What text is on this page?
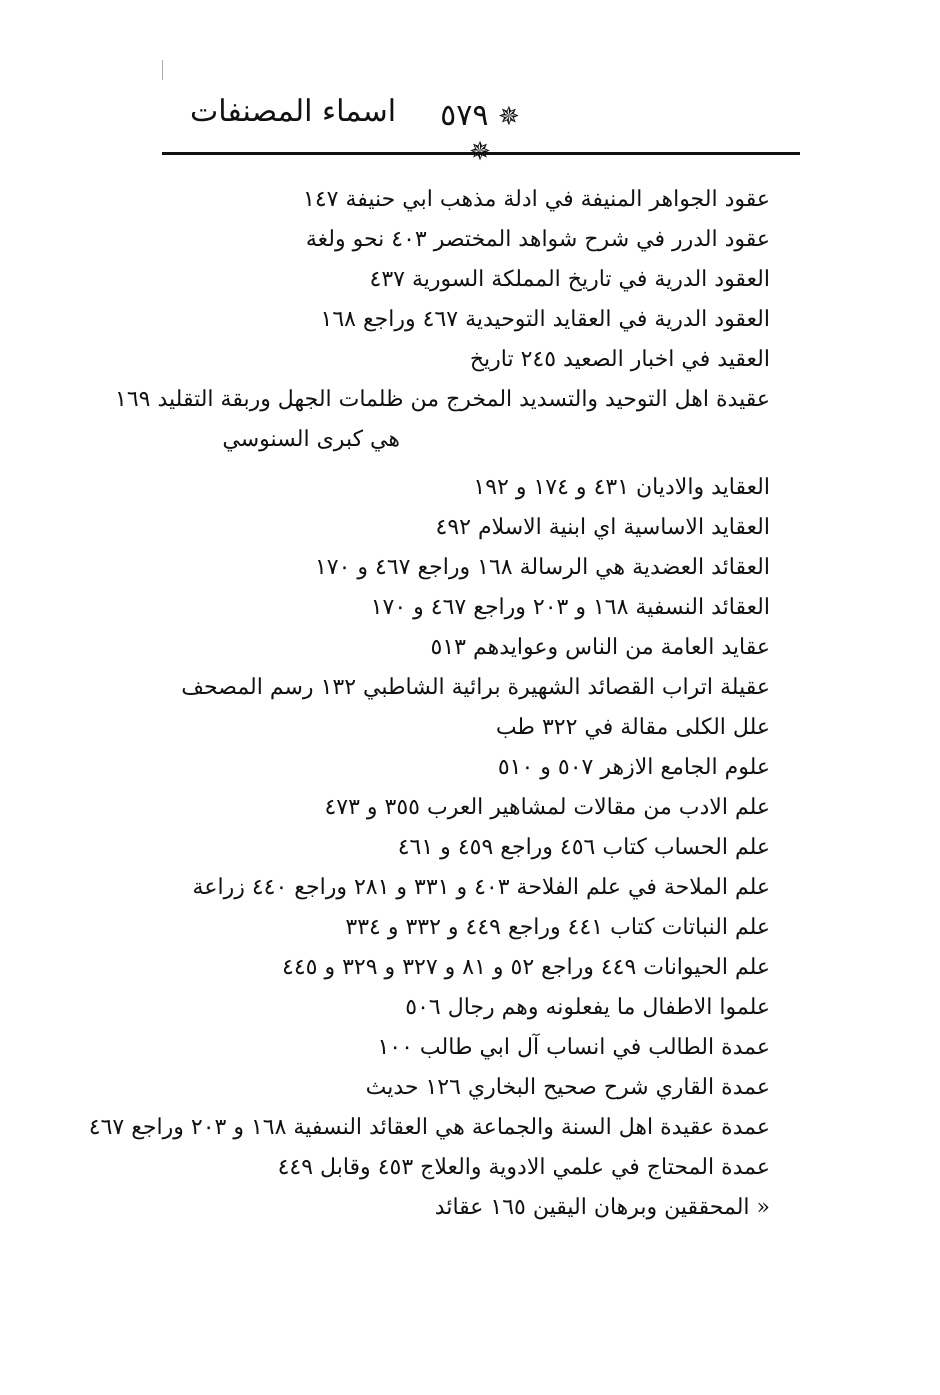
اسماء المصنفات	✵ ٥٧٩
عقود الجواهر المنيفة في ادلة مذهب ابي حنيفة ١٤٧
عقود الدرر في شرح شواهد المختصر ٤٠٣ نحو ولغة
العقود الدرية في تاريخ المملكة السورية ٤٣٧
العقود الدرية في العقايد التوحيدية ٤٦٧ وراجع ١٦٨
العقيد في اخبار الصعيد ٢٤٥ تاريخ
عقيدة اهل التوحيد والتسديد المخرج من ظلمات الجهل وربقة التقليد ١٦٩
هي كبرى السنوسي
العقايد والاديان ٤٣١ و ١٧٤ و ١٩٢
العقايد الاساسية اي ابنية الاسلام ٤٩٢
العقائد العضدية هي الرسالة ١٦٨ وراجع ٤٦٧ و ١٧٠
العقائد النسفية ١٦٨ و ٢٠٣ وراجع ٤٦٧ و ١٧٠
عقايد العامة من الناس وعوايدهم ٥١٣
عقيلة اتراب القصائد الشهيرة برائية الشاطبي ١٣٢ رسم المصحف
علل الكلى مقالة في ٣٢٢ طب
علوم الجامع الازهر ٥٠٧ و ٥١٠
علم الادب من مقالات لمشاهير العرب ٣٥٥ و ٤٧٣
علم الحساب كتاب ٤٥٦ وراجع ٤٥٩ و ٤٦١
علم الملاحة في علم الفلاحة ٤٠٣ و ٣٣١ و ٢٨١ وراجع ٤٤٠ زراعة
علم النباتات كتاب ٤٤١ وراجع ٤٤٩ و ٣٣٢ و ٣٣٤
علم الحيوانات ٤٤٩ وراجع ٥٢ و ٨١ و ٣٢٧ و ٣٢٩ و ٤٤٥
علموا الاطفال ما يفعلونه وهم رجال ٥٠٦
عمدة الطالب في انساب آل ابي طالب ١٠٠
عمدة القاري شرح صحيح البخاري ١٢٦ حديث
عمدة عقيدة اهل السنة والجماعة هي العقائد النسفية ١٦٨ و ٢٠٣ وراجع ٤٦٧
عمدة المحتاج في علمي الادوية والعلاج ٤٥٣ وقابل ٤٤٩
« المحققين وبرهان اليقين ١٦٥ عقائد
